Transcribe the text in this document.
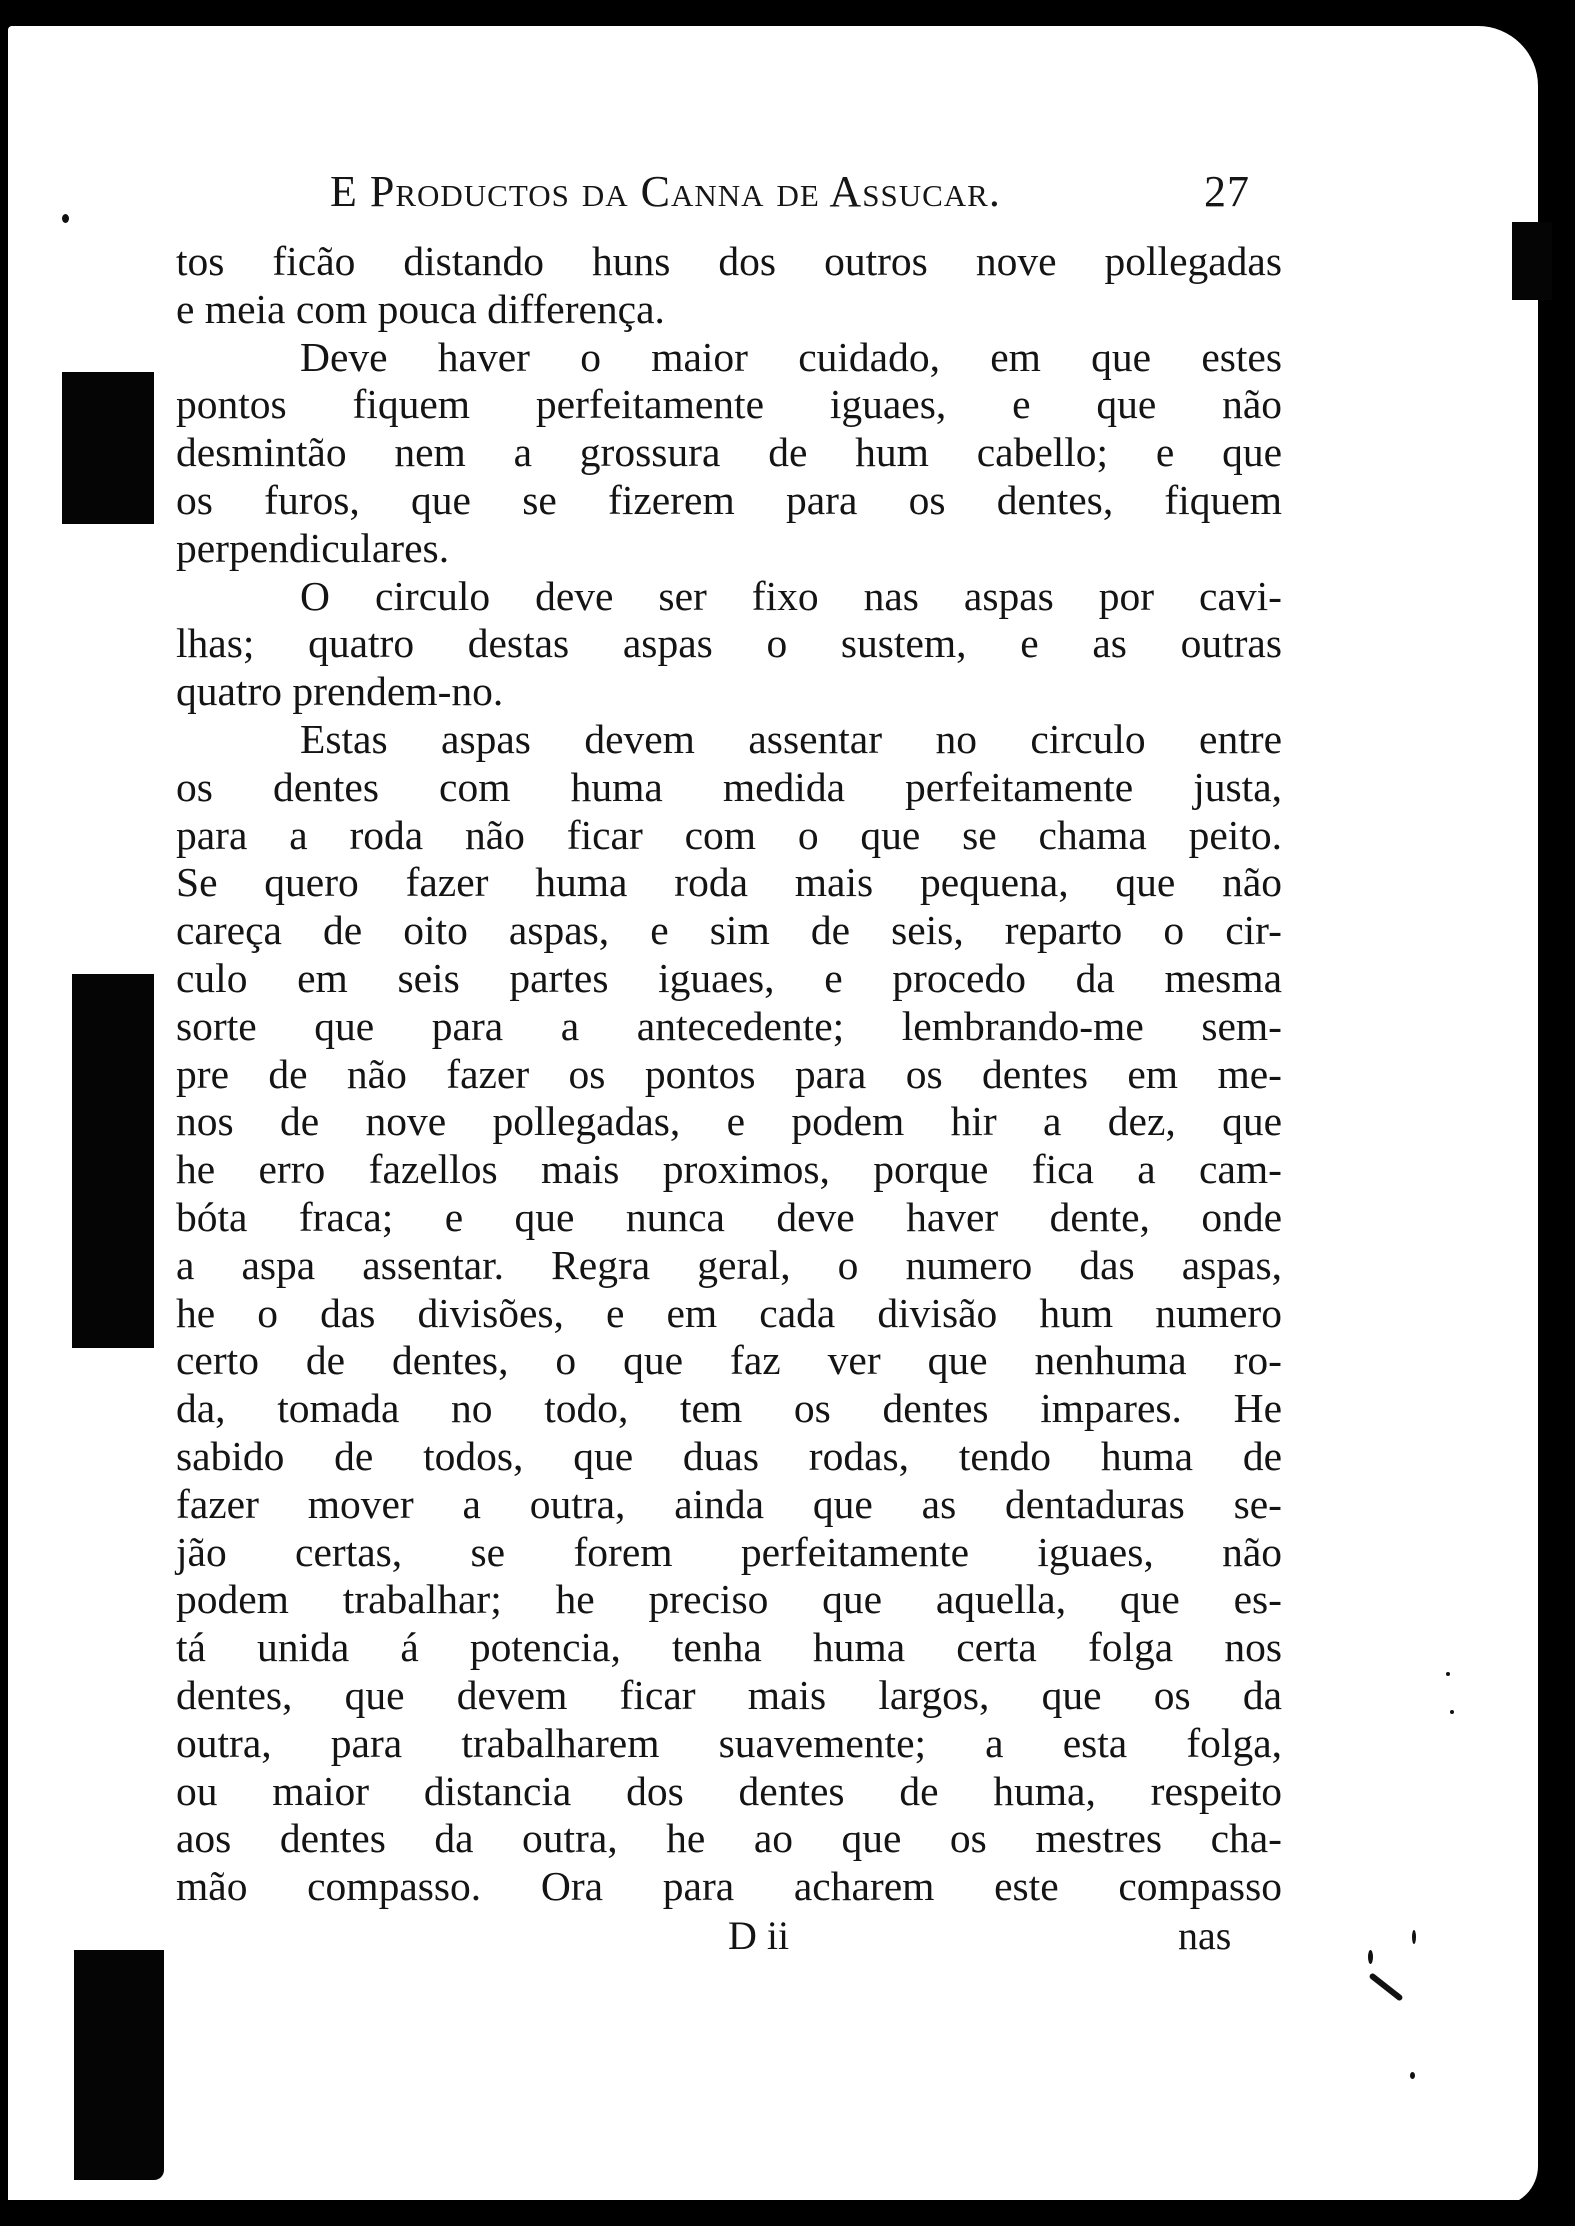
E Productos da Canna de Assucar.	27
tos ficão distando huns dos outros nove pollegadas
e meia com pouca differença.
Deve haver o maior cuidado, em que estes
pontos fiquem perfeitamente iguaes, e que não
desmintão nem a grossura de hum cabello; e que
os furos, que se fizerem para os dentes, fiquem
perpendiculares.
O circulo deve ser fixo nas aspas por cavi-
lhas; quatro destas aspas o sustem, e as outras
quatro prendem-no.
Estas aspas devem assentar no circulo entre
os dentes com huma medida perfeitamente justa,
para a roda não ficar com o que se chama peito.
Se quero fazer huma roda mais pequena, que não
careça de oito aspas, e sim de seis, reparto o cir-
culo em seis partes iguaes, e procedo da mesma
sorte que para a antecedente; lembrando-me sem-
pre de não fazer os pontos para os dentes em me-
nos de nove pollegadas, e podem hir a dez, que
he erro fazellos mais proximos, porque fica a cam-
bóta fraca; e que nunca deve haver dente, onde
a aspa assentar. Regra geral, o numero das aspas,
he o das divisões, e em cada divisão hum numero
certo de dentes, o que faz ver que nenhuma ro-
da, tomada no todo, tem os dentes impares. He
sabido de todos, que duas rodas, tendo huma de
fazer mover a outra, ainda que as dentaduras se-
jão certas, se forem perfeitamente iguaes, não
podem trabalhar; he preciso que aquella, que es-
tá unida á potencia, tenha huma certa folga nos
dentes, que devem ficar mais largos, que os da
outra, para trabalharem suavemente; a esta folga,
ou maior distancia dos dentes de huma, respeito
aos dentes da outra, he ao que os mestres cha-
mão compasso. Ora para acharem este compasso
D ii	nas
